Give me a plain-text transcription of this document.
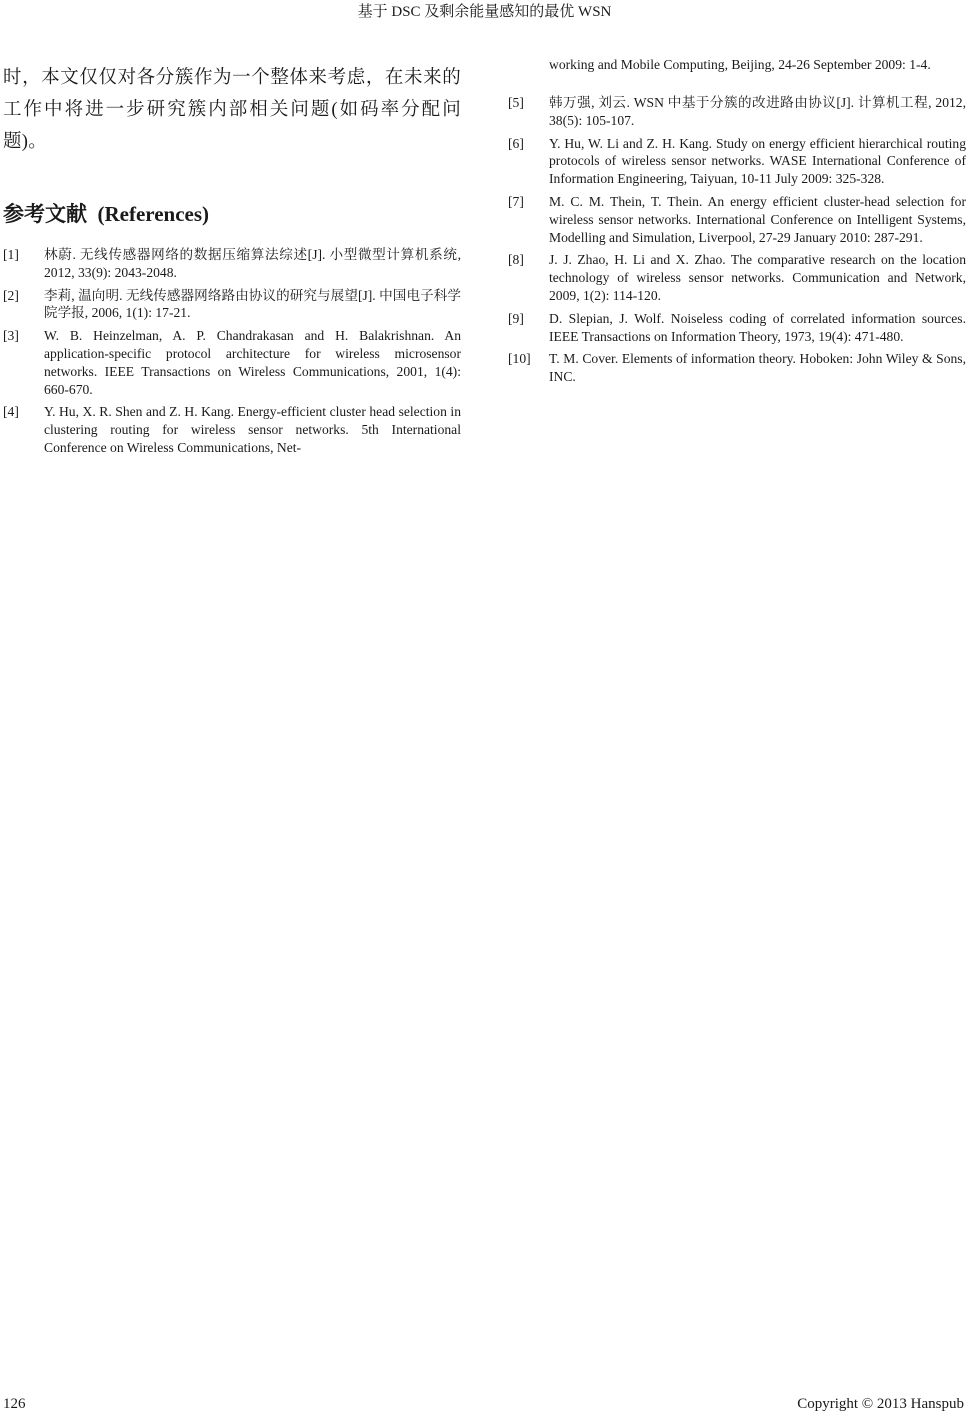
基于 DSC 及剩余能量感知的最优 WSN

时，本文仅仅对各分簇作为一个整体来考虑，在未来的工作中将进一步研究簇内部相关问题(如码率分配问题)。

参考文献 (References)
[1]	林蔚. 无线传感器网络的数据压缩算法综述[J]. 小型微型计算机系统, 2012, 33(9): 2043-2048.
[2]	李莉, 温向明. 无线传感器网络路由协议的研究与展望[J]. 中国电子科学院学报, 2006, 1(1): 17-21.
[3]	W. B. Heinzelman, A. P. Chandrakasan and H. Balakrishnan. An application-specific protocol architecture for wireless microsensor networks. IEEE Transactions on Wireless Communications, 2001, 1(4): 660-670.
[4]	Y. Hu, X. R. Shen and Z. H. Kang. Energy-efficient cluster head selection in clustering routing for wireless sensor networks. 5th International Conference on Wireless Communications, Net-

working and Mobile Computing, Beijing, 24-26 September 2009: 1-4.

[5]	韩万强, 刘云. WSN 中基于分簇的改进路由协议[J]. 计算机工程, 2012, 38(5): 105-107.
[6]	Y. Hu, W. Li and Z. H. Kang. Study on energy efficient hierarchical routing protocols of wireless sensor networks. WASE International Conference of Information Engineering, Taiyuan, 10-11 July 2009: 325-328.
[7]	M. C. M. Thein, T. Thein. An energy efficient cluster-head selection for wireless sensor networks. International Conference on Intelligent Systems, Modelling and Simulation, Liverpool, 27-29 January 2010: 287-291.
[8]	J. J. Zhao, H. Li and X. Zhao. The comparative research on the location technology of wireless sensor networks. Communication and Network, 2009, 1(2): 114-120.
[9]	D. Slepian, J. Wolf. Noiseless coding of correlated information sources. IEEE Transactions on Information Theory, 1973, 19(4): 471-480.
[10]	T. M. Cover. Elements of information theory. Hoboken: John Wiley & Sons, INC.
126	Copyright © 2013 Hanspub
